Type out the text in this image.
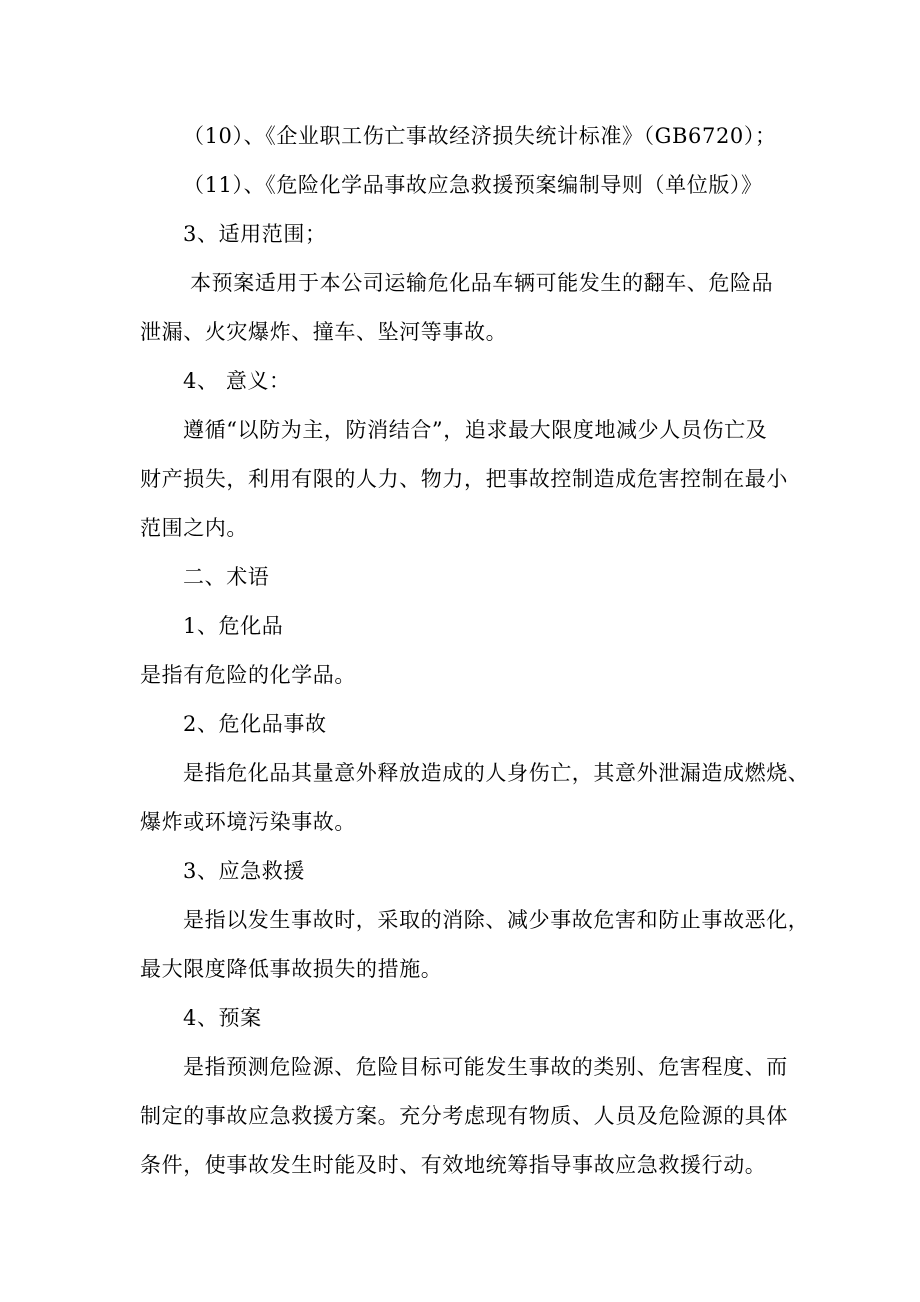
（10）、《企业职工伤亡事故经济损失统计标准》（GB6720）；
（11）、《危险化学品事故应急救援预案编制导则（单位版）》
3、适用范围；
本预案适用于本公司运输危化品车辆可能发生的翻车、危险品
泄漏、火灾爆炸、撞车、坠河等事故。
4、 意义：
遵循“以防为主，防消结合”，追求最大限度地减少人员伤亡及
财产损失，利用有限的人力、物力，把事故控制造成危害控制在最小
范围之内。
二、术语
1、危化品
是指有危险的化学品。
2、危化品事故
是指危化品其量意外释放造成的人身伤亡，其意外泄漏造成燃烧、
爆炸或环境污染事故。
3、应急救援
是指以发生事故时，采取的消除、减少事故危害和防止事故恶化，
最大限度降低事故损失的措施。
4、预案
是指预测危险源、危险目标可能发生事故的类别、危害程度、而
制定的事故应急救援方案。充分考虑现有物质、人员及危险源的具体
条件，使事故发生时能及时、有效地统筹指导事故应急救援行动。
